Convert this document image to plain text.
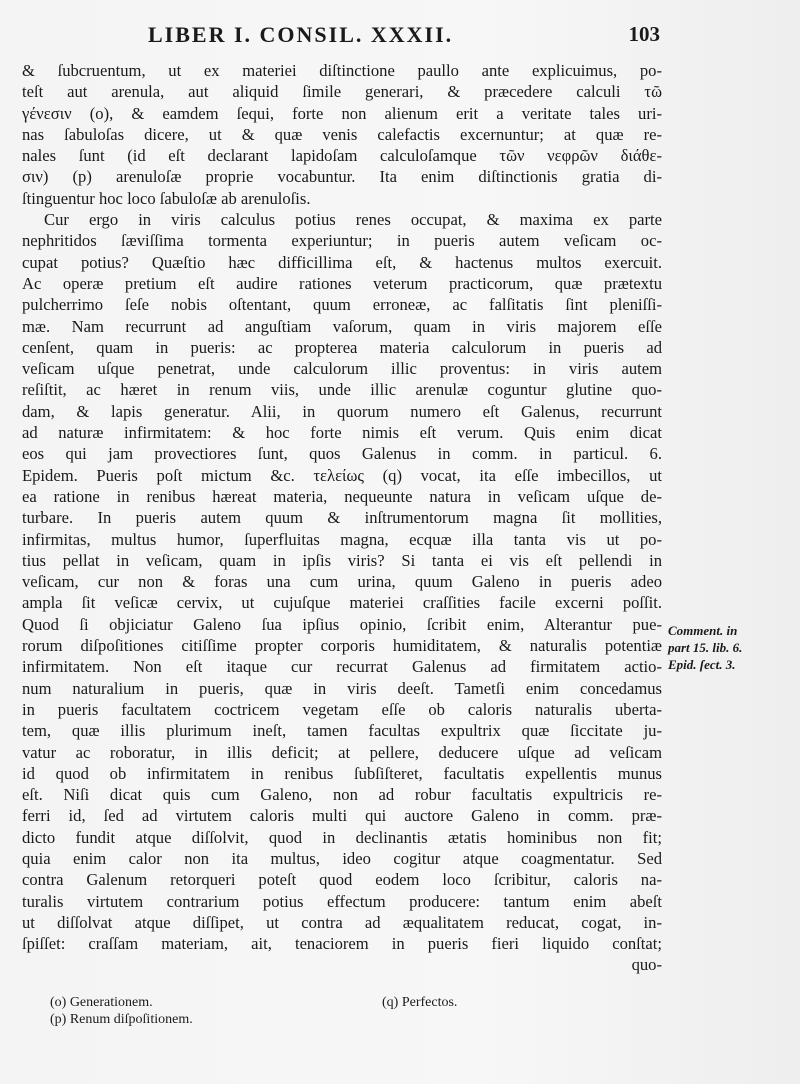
LIBER I. CONSIL. XXXII.	103
& ſubcruentum, ut ex materiei diſtinctione paullo ante explicuimus, po-
teſt aut arenula, aut aliquid ſimile generari, & præcedere calculi τῶ
γένεσιν (o), & eamdem ſequi, forte non alienum erit a veritate tales uri-
nas ſabuloſas dicere, ut & quæ venis calefactis excernuntur; at quæ re-
nales ſunt (id eſt declarant lapidoſam calculoſamque τῶν νεφρῶν διάθε-
σιν) (p) arenuloſæ proprie vocabuntur. Ita enim diſtinctionis gratia di-
ſtinguentur hoc loco ſabuloſæ ab arenuloſis.
Cur ergo in viris calculus potius renes occupat, & maxima ex parte
nephritidos ſæviſſima tormenta experiuntur; in pueris autem veſicam oc-
cupat potius? Quæſtio hæc difficillima eſt, & hactenus multos exercuit.
Ac operæ pretium eſt audire rationes veterum practicorum, quæ prætextu
pulcherrimo ſeſe nobis oſtentant, quum erroneæ, ac falſitatis ſint pleniſſi-
mæ. Nam recurrunt ad anguſtiam vaſorum, quam in viris majorem eſſe
cenſent, quam in pueris: ac propterea materia calculorum in pueris ad
veſicam uſque penetrat, unde calculorum illic proventus: in viris autem
reſiſtit, ac hæret in renum viis, unde illic arenulæ coguntur glutine quo-
dam, & lapis generatur. Alii, in quorum numero eſt Galenus, recurrunt
ad naturæ infirmitatem: & hoc forte nimis eſt verum. Quis enim dicat
eos qui jam provectiores ſunt, quos Galenus in comm. in particul. 6.
Epidem. Pueris poſt mictum &c. τελείως (q) vocat, ita eſſe imbecillos, ut
ea ratione in renibus hæreat materia, nequeunte natura in veſicam uſque de-
turbare. In pueris autem quum & inſtrumentorum magna ſit mollities,
infirmitas, multus humor, ſuperfluitas magna, ecquæ illa tanta vis ut po-
tius pellat in veſicam, quam in ipſis viris? Si tanta ei vis eſt pellendi in
veſicam, cur non & foras una cum urina, quum Galeno in pueris adeo
ampla ſit veſicæ cervix, ut cujuſque materiei craſſities facile excerni poſſit.
Quod ſi objiciatur Galeno ſua ipſius opinio, ſcribit enim, Alterantur pue-
rorum diſpoſitiones citiſſime propter corporis humiditatem, & naturalis potentiæ
infirmitatem. Non eſt itaque cur recurrat Galenus ad firmitatem actio-
num naturalium in pueris, quæ in viris deeſt. Tametſi enim concedamus
in pueris facultatem coctricem vegetam eſſe ob caloris naturalis uberta-
tem, quæ illis plurimum ineſt, tamen facultas expultrix quæ ſiccitate ju-
vatur ac roboratur, in illis deficit; at pellere, deducere uſque ad veſicam
id quod ob infirmitatem in renibus ſubſiſteret, facultatis expellentis munus
eſt. Niſi dicat quis cum Galeno, non ad robur facultatis expultricis re-
ferri id, ſed ad virtutem caloris multi qui auctore Galeno in comm. præ-
dicto fundit atque diſſolvit, quod in declinantis ætatis hominibus non fit;
quia enim calor non ita multus, ideo cogitur atque coagmentatur. Sed
contra Galenum retorqueri poteſt quod eodem loco ſcribitur, caloris na-
turalis virtutem contrarium potius effectum producere: tantum enim abeſt
ut diſſolvat atque diſſipet, ut contra ad æqualitatem reducat, cogat, in-
ſpiſſet: craſſam materiam, ait, tenaciorem in pueris fieri liquido conſtat;
quo-
Comment. in
part 15. lib. 6.
Epid. ſect. 3.
(o) Generationem.
(p) Renum diſpoſitionem.
(q) Perfectos.
